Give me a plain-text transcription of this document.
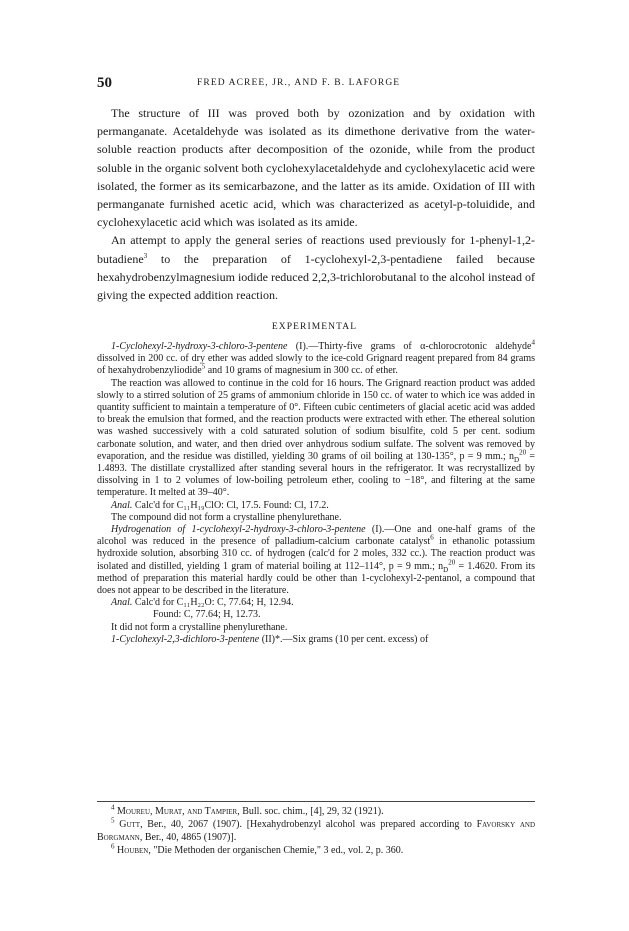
50	FRED ACREE, JR., AND F. B. LAFORGE

The structure of III was proved both by ozonization and by oxidation with permanganate. Acetaldehyde was isolated as its dimethone derivative from the water-soluble reaction products after decomposition of the ozonide, while from the product soluble in the organic solvent both cyclohexylacetaldehyde and cyclohexylacetic acid were isolated, the former as its semicarbazone, and the latter as its amide. Oxidation of III with permanganate furnished acetic acid, which was characterized as acetyl-p-toluidide, and cyclohexylacetic acid which was isolated as its amide.

An attempt to apply the general series of reactions used previously for 1-phenyl-1,2-butadiene$^3$ to the preparation of 1-cyclohexyl-2,3-pentadiene failed because hexahydrobenzylmagnesium iodide reduced 2,2,3-trichlorobutanal to the alcohol instead of giving the expected addition reaction.

EXPERIMENTAL

1-Cyclohexyl-2-hydroxy-3-chloro-3-pentene (I).—Thirty-five grams of α-chlorocrotonic aldehyde$^4$ dissolved in 200 cc. of dry ether was added slowly to the ice-cold Grignard reagent prepared from 84 grams of hexahydrobenzyliodide$^5$ and 10 grams of magnesium in 300 cc. of ether.

The reaction was allowed to continue in the cold for 16 hours. The Grignard reaction product was added slowly to a stirred solution of 25 grams of ammonium chloride in 150 cc. of water to which ice was added in quantity sufficient to maintain a temperature of 0°. Fifteen cubic centimeters of glacial acetic acid was added to break the emulsion that formed, and the reaction products were extracted with ether. The ethereal solution was washed successively with a cold saturated solution of sodium bisulfite, cold 5 per cent. sodium carbonate solution, and water, and then dried over anhydrous sodium sulfate. The solvent was removed by evaporation, and the residue was distilled, yielding 30 grams of oil boiling at 130-135°, p = 9 mm.; $n_D^{20} = 1.4893$. The distillate crystallized after standing several hours in the refrigerator. It was recrystallized by dissolving in 1 to 2 volumes of low-boiling petroleum ether, cooling to −18°, and filtering at the same temperature. It melted at 39–40°.

Anal. Calc'd for C₁₁H₁₉ClO: Cl, 17.5. Found: Cl, 17.2.

The compound did not form a crystalline phenylurethane.

Hydrogenation of 1-cyclohexyl-2-hydroxy-3-chloro-3-pentene (I).—One and one-half grams of the alcohol was reduced in the presence of palladium-calcium carbonate catalyst$^6$ in ethanolic potassium hydroxide solution, absorbing 310 cc. of hydrogen (calc'd for 2 moles, 332 cc.). The reaction product was isolated and distilled, yielding 1 gram of material boiling at 112–114°, p = 9 mm.; $n_D^{20} = 1.4620$. From its method of preparation this material hardly could be other than 1-cyclohexyl-2-pentanol, a compound that does not appear to be described in the literature.

Anal. Calc'd for C₁₁H₂₂O: C, 77.64; H, 12.94.

Found: C, 77.64; H, 12.73.

It did not form a crystalline phenylurethane.

1-Cyclohexyl-2,3-dichloro-3-pentene (II)*.—Six grams (10 per cent. excess) of

$^4$ Moureu, Murat, and Tampier, Bull. soc. chim., [4], 29, 32 (1921).

$^5$ Gutt, Ber., 40, 2067 (1907). [Hexahydrobenzyl alcohol was prepared according to Favorsky and Borgmann, Ber., 40, 4865 (1907)].

$^6$ Houben, "Die Methoden der organischen Chemie," 3 ed., vol. 2, p. 360.
